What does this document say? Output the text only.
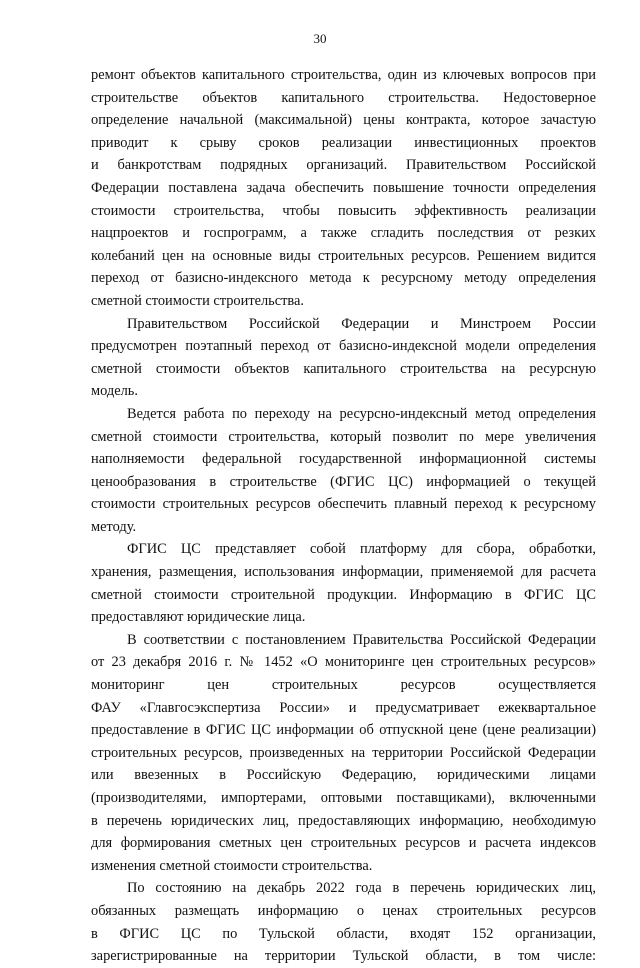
30
ремонт объектов капитального строительства, один из ключевых вопросов при
строительстве объектов капитального строительства. Недостоверное
определение начальной (максимальной) цены контракта, которое зачастую
приводит к срыву сроков реализации инвестиционных проектов
и банкротствам подрядных организаций. Правительством Российской
Федерации поставлена задача обеспечить повышение точности определения
стоимости строительства, чтобы повысить эффективность реализации
нацпроектов и госпрограмм, а также сгладить последствия от резких
колебаний цен на основные виды строительных ресурсов. Решением видится
переход от базисно-индексного метода к ресурсному методу определения
сметной стоимости строительства.
Правительством Российской Федерации и Минстроем России
предусмотрен поэтапный переход от базисно-индексной модели определения
сметной стоимости объектов капитального строительства на ресурсную
модель.
Ведется работа по переходу на ресурсно-индексный метод определения
сметной стоимости строительства, который позволит по мере увеличения
наполняемости федеральной государственной информационной системы
ценообразования в строительстве (ФГИС ЦС) информацией о текущей
стоимости строительных ресурсов обеспечить плавный переход к ресурсному
методу.
ФГИС ЦС представляет собой платформу для сбора, обработки,
хранения, размещения, использования информации, применяемой для расчета
сметной стоимости строительной продукции. Информацию в ФГИС ЦС
предоставляют юридические лица.
В соответствии с постановлением Правительства Российской Федерации
от 23 декабря 2016 г. № 1452 «О мониторинге цен строительных ресурсов»
мониторинг цен строительных ресурсов осуществляется
ФАУ «Главгосэкспертиза России» и предусматривает ежеквартальное
предоставление в ФГИС ЦС информации об отпускной цене (цене реализации)
строительных ресурсов, произведенных на территории Российской Федерации
или ввезенных в Российскую Федерацию, юридическими лицами
(производителями, импортерами, оптовыми поставщиками), включенными
в перечень юридических лиц, предоставляющих информацию, необходимую
для формирования сметных цен строительных ресурсов и расчета индексов
изменения сметной стоимости строительства.
По состоянию на декабрь 2022 года в перечень юридических лиц,
обязанных размещать информацию о ценах строительных ресурсов
в ФГИС ЦС по Тульской области, входят 152 организации,
зарегистрированные на территории Тульской области, в том числе:
